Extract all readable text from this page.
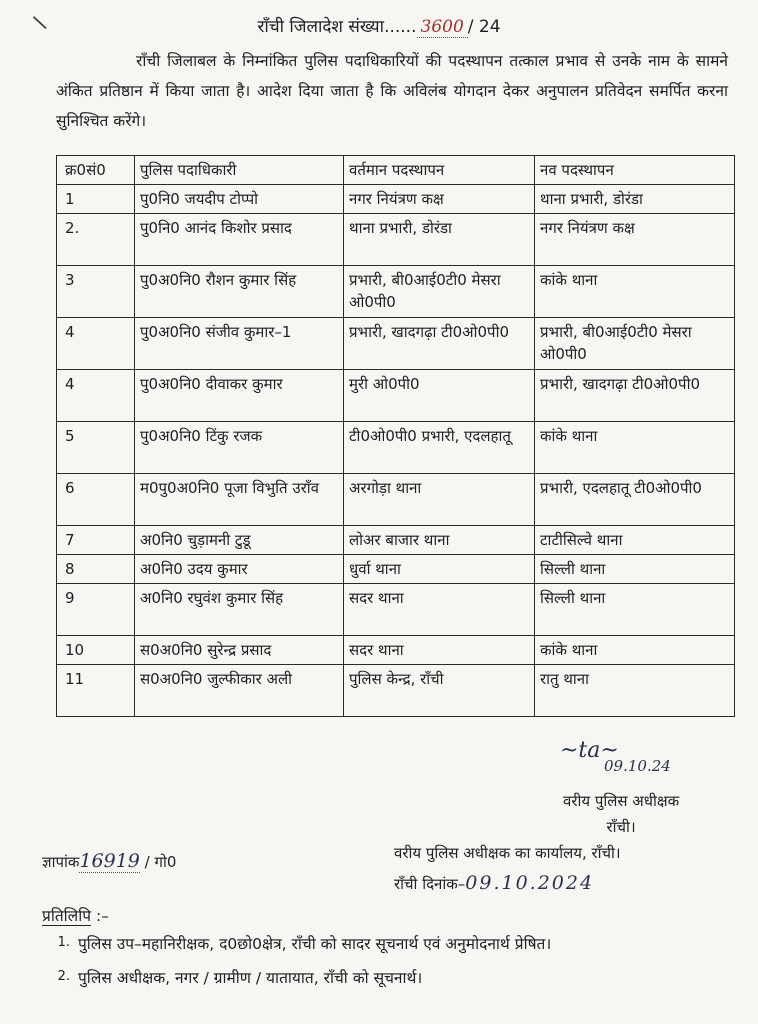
\	राँची जिलादेश संख्या...... 3600 / 24
राँची जिलाबल के निम्नांकित पुलिस पदाधिकारियों की पदस्थापन तत्काल प्रभाव से उनके नाम के सामने अंकित प्रतिष्ठान में किया जाता है। आदेश दिया जाता है कि अविलंब योगदान देकर अनुपालन प्रतिवेदन समर्पित करना सुनिश्चित करेंगे।
क्र0सं0	पुलिस पदाधिकारी	वर्तमान पदस्थापन	नव पदस्थापन
1	पु0नि0 जयदीप टोप्पो	नगर नियंत्रण कक्ष	थाना प्रभारी, डोरंडा
2.	पु0नि0 आनंद किशोर प्रसाद	थाना प्रभारी, डोरंडा	नगर नियंत्रण कक्ष
3	पु0अ0नि0 रौशन कुमार सिंह	प्रभारी, बी0आई0टी0 मेसरा ओ0पी0	कांके थाना
4	पु0अ0नि0 संजीव कुमार–1	प्रभारी, खादगढ़ा टी0ओ0पी0	प्रभारी, बी0आई0टी0 मेसरा ओ0पी0
4	पु0अ0नि0 दीवाकर कुमार	मुरी ओ0पी0	प्रभारी, खादगढ़ा टी0ओ0पी0
5	पु0अ0नि0 टिंकु रजक	टी0ओ0पी0 प्रभारी, एदलहातू	कांके थाना
6	म0पु0अ0नि0 पूजा विभुति उराँव	अरगोड़ा थाना	प्रभारी, एदलहातू टी0ओ0पी0
7	अ0नि0 चुड़ामनी टुडू	लोअर बाजार थाना	टाटीसिल्वे थाना
8	अ0नि0 उदय कुमार	धुर्वा थाना	सिल्ली थाना
9	अ0नि0 रघुवंश कुमार सिंह	सदर थाना	सिल्ली थाना
10	स0अ0नि0 सुरेन्द्र प्रसाद	सदर थाना	कांके थाना
11	स0अ0नि0 जुल्फीकार अली	पुलिस केन्द्र, राँची	रातु थाना
~ta~
09.10.24
वरीय पुलिस अधीक्षक
राँची।
ज्ञापांक16919 / गो0	वरीय पुलिस अधीक्षक का कार्यालय, राँची।
राँची दिनांक–09.10.2024
प्रतिलिपि :–
1. पुलिस उप–महानिरीक्षक, द0छो0क्षेत्र, राँची को सादर सूचनार्थ एवं अनुमोदनार्थ प्रेषित।
2. पुलिस अधीक्षक, नगर / ग्रामीण / यातायात, राँची को सूचनार्थ।
